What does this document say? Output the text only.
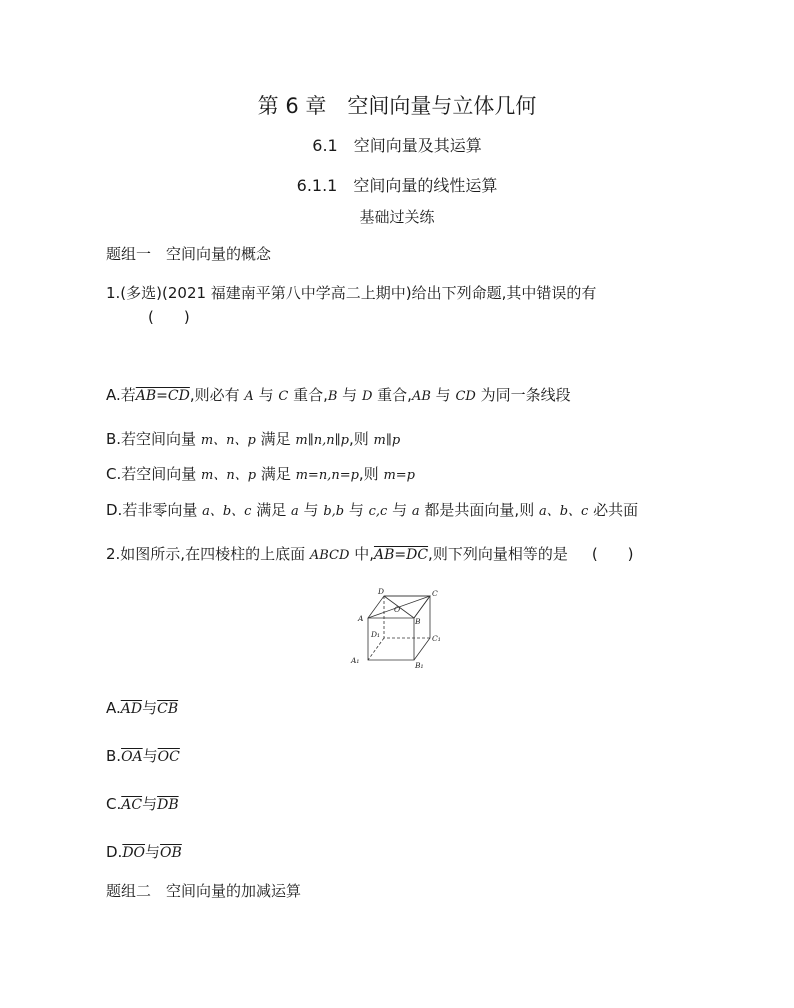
第 6 章　空间向量与立体几何
6.1　空间向量及其运算
6.1.1　空间向量的线性运算
基础过关练
题组一　空间向量的概念
1.(多选)(2021 福建南平第八中学高二上期中)给出下列命题,其中错误的有
(　　)
A.若AB=CD,则必有 A 与 C 重合,B 与 D 重合,AB 与 CD 为同一条线段
B.若空间向量 m、n、p 满足 m∥n,n∥p,则 m∥p
C.若空间向量 m、n、p 满足 m=n,n=p,则 m=p
D.若非零向量 a、b、c 满足 a 与 b,b 与 c,c 与 a 都是共面向量,则 a、b、c 必共面
2.如图所示,在四棱柱的上底面 ABCD 中,AB=DC,则下列向量相等的是 (　　)
D	C
A
O
B
D₁	C₁
A₁
B₁
$A.\overline{AD}$与$\overline{CB}$
$B.\overline{OA}$与$\overline{OC}$
$C.\overline{AC}$与$\overline{DB}$
$D.\overline{DO}$与$\overline{OB}$
题组二　空间向量的加减运算
